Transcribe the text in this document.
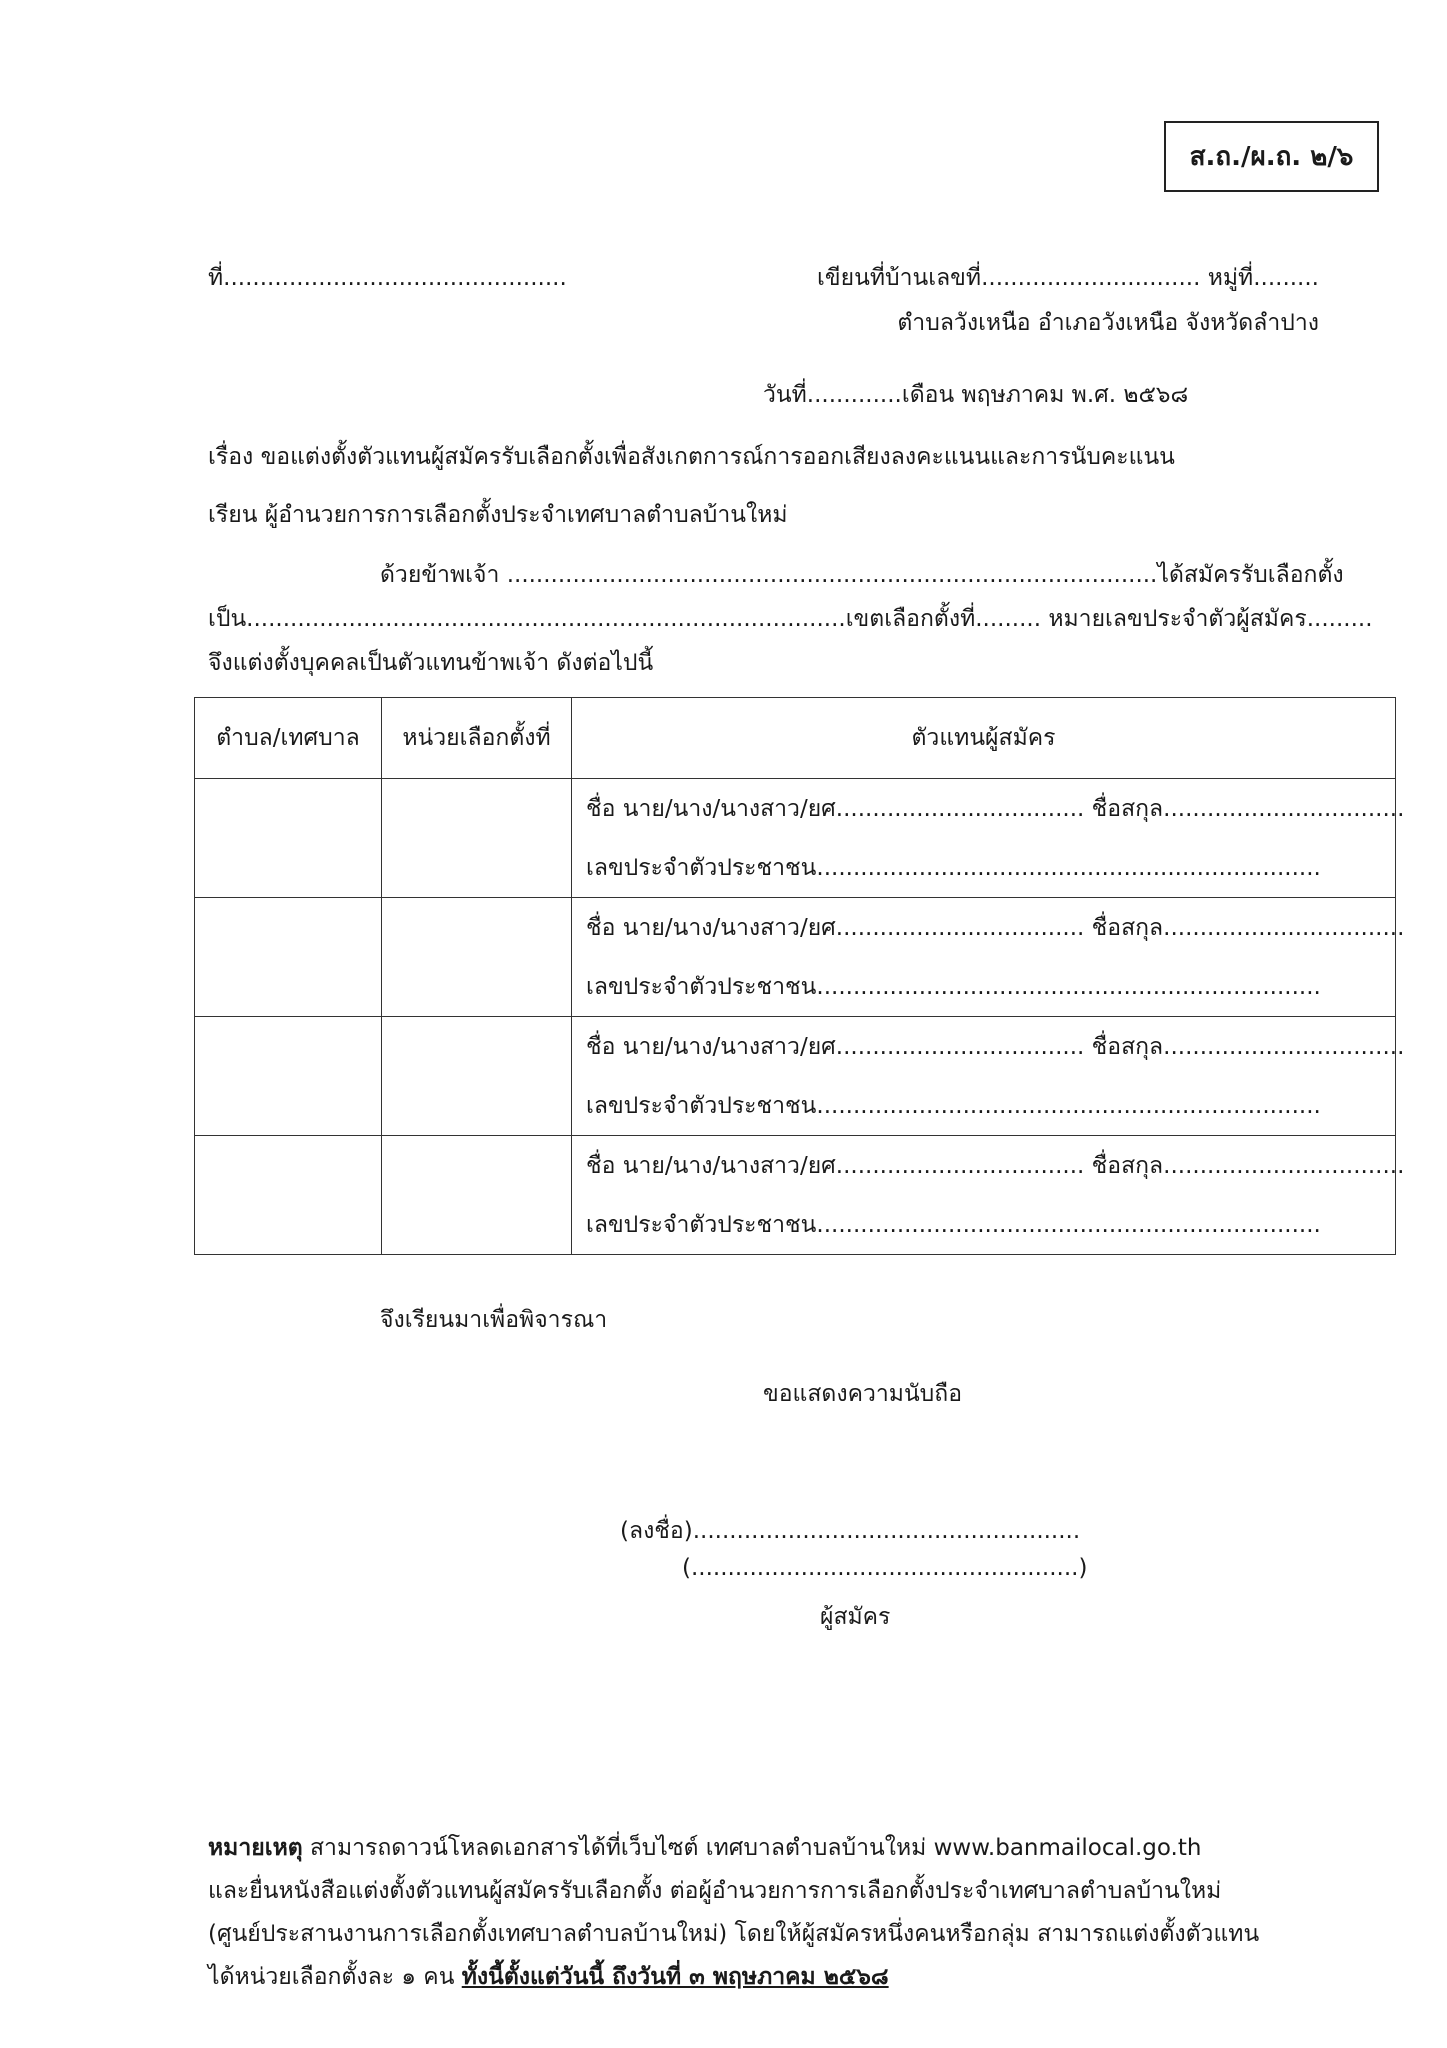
ส.ถ./ผ.ถ. ๒/๖
ที่...............................................	เขียนที่บ้านเลขที่.............................. หมู่ที่.........
ตำบลวังเหนือ อำเภอวังเหนือ จังหวัดลำปาง
วันที่.............เดือน พฤษภาคม พ.ศ. ๒๕๖๘
เรื่อง ขอแต่งตั้งตัวแทนผู้สมัครรับเลือกตั้งเพื่อสังเกตการณ์การออกเสียงลงคะแนนและการนับคะแนน
เรียน ผู้อำนวยการการเลือกตั้งประจำเทศบาลตำบลบ้านใหม่
ด้วยข้าพเจ้า .........................................................................................ได้สมัครรับเลือกตั้ง
เป็น..................................................................................เขตเลือกตั้งที่......... หมายเลขประจำตัวผู้สมัคร.........
จึงแต่งตั้งบุคคลเป็นตัวแทนข้าพเจ้า ดังต่อไปนี้
ตำบล/เทศบาล	หน่วยเลือกตั้งที่	ตัวแทนผู้สมัคร

ชื่อ นาย/นาง/นางสาว/ยศ.................................. ชื่อสกุล.................................
เลขประจำตัวประชาชน.....................................................................

ชื่อ นาย/นาง/นางสาว/ยศ.................................. ชื่อสกุล.................................
เลขประจำตัวประชาชน.....................................................................

ชื่อ นาย/นาง/นางสาว/ยศ.................................. ชื่อสกุล.................................
เลขประจำตัวประชาชน.....................................................................

ชื่อ นาย/นาง/นางสาว/ยศ.................................. ชื่อสกุล.................................
เลขประจำตัวประชาชน.....................................................................
จึงเรียนมาเพื่อพิจารณา
ขอแสดงความนับถือ
(ลงชื่อ).....................................................
(.....................................................)
ผู้สมัคร
หมายเหตุ สามารถดาวน์โหลดเอกสารได้ที่เว็บไซต์ เทศบาลตำบลบ้านใหม่ www.banmailocal.go.th
และยื่นหนังสือแต่งตั้งตัวแทนผู้สมัครรับเลือกตั้ง ต่อผู้อำนวยการการเลือกตั้งประจำเทศบาลตำบลบ้านใหม่
(ศูนย์ประสานงานการเลือกตั้งเทศบาลตำบลบ้านใหม่) โดยให้ผู้สมัครหนึ่งคนหรือกลุ่ม สามารถแต่งตั้งตัวแทน
ได้หน่วยเลือกตั้งละ ๑ คน ทั้งนี้ตั้งแต่วันนี้ ถึงวันที่ ๓ พฤษภาคม ๒๕๖๘
